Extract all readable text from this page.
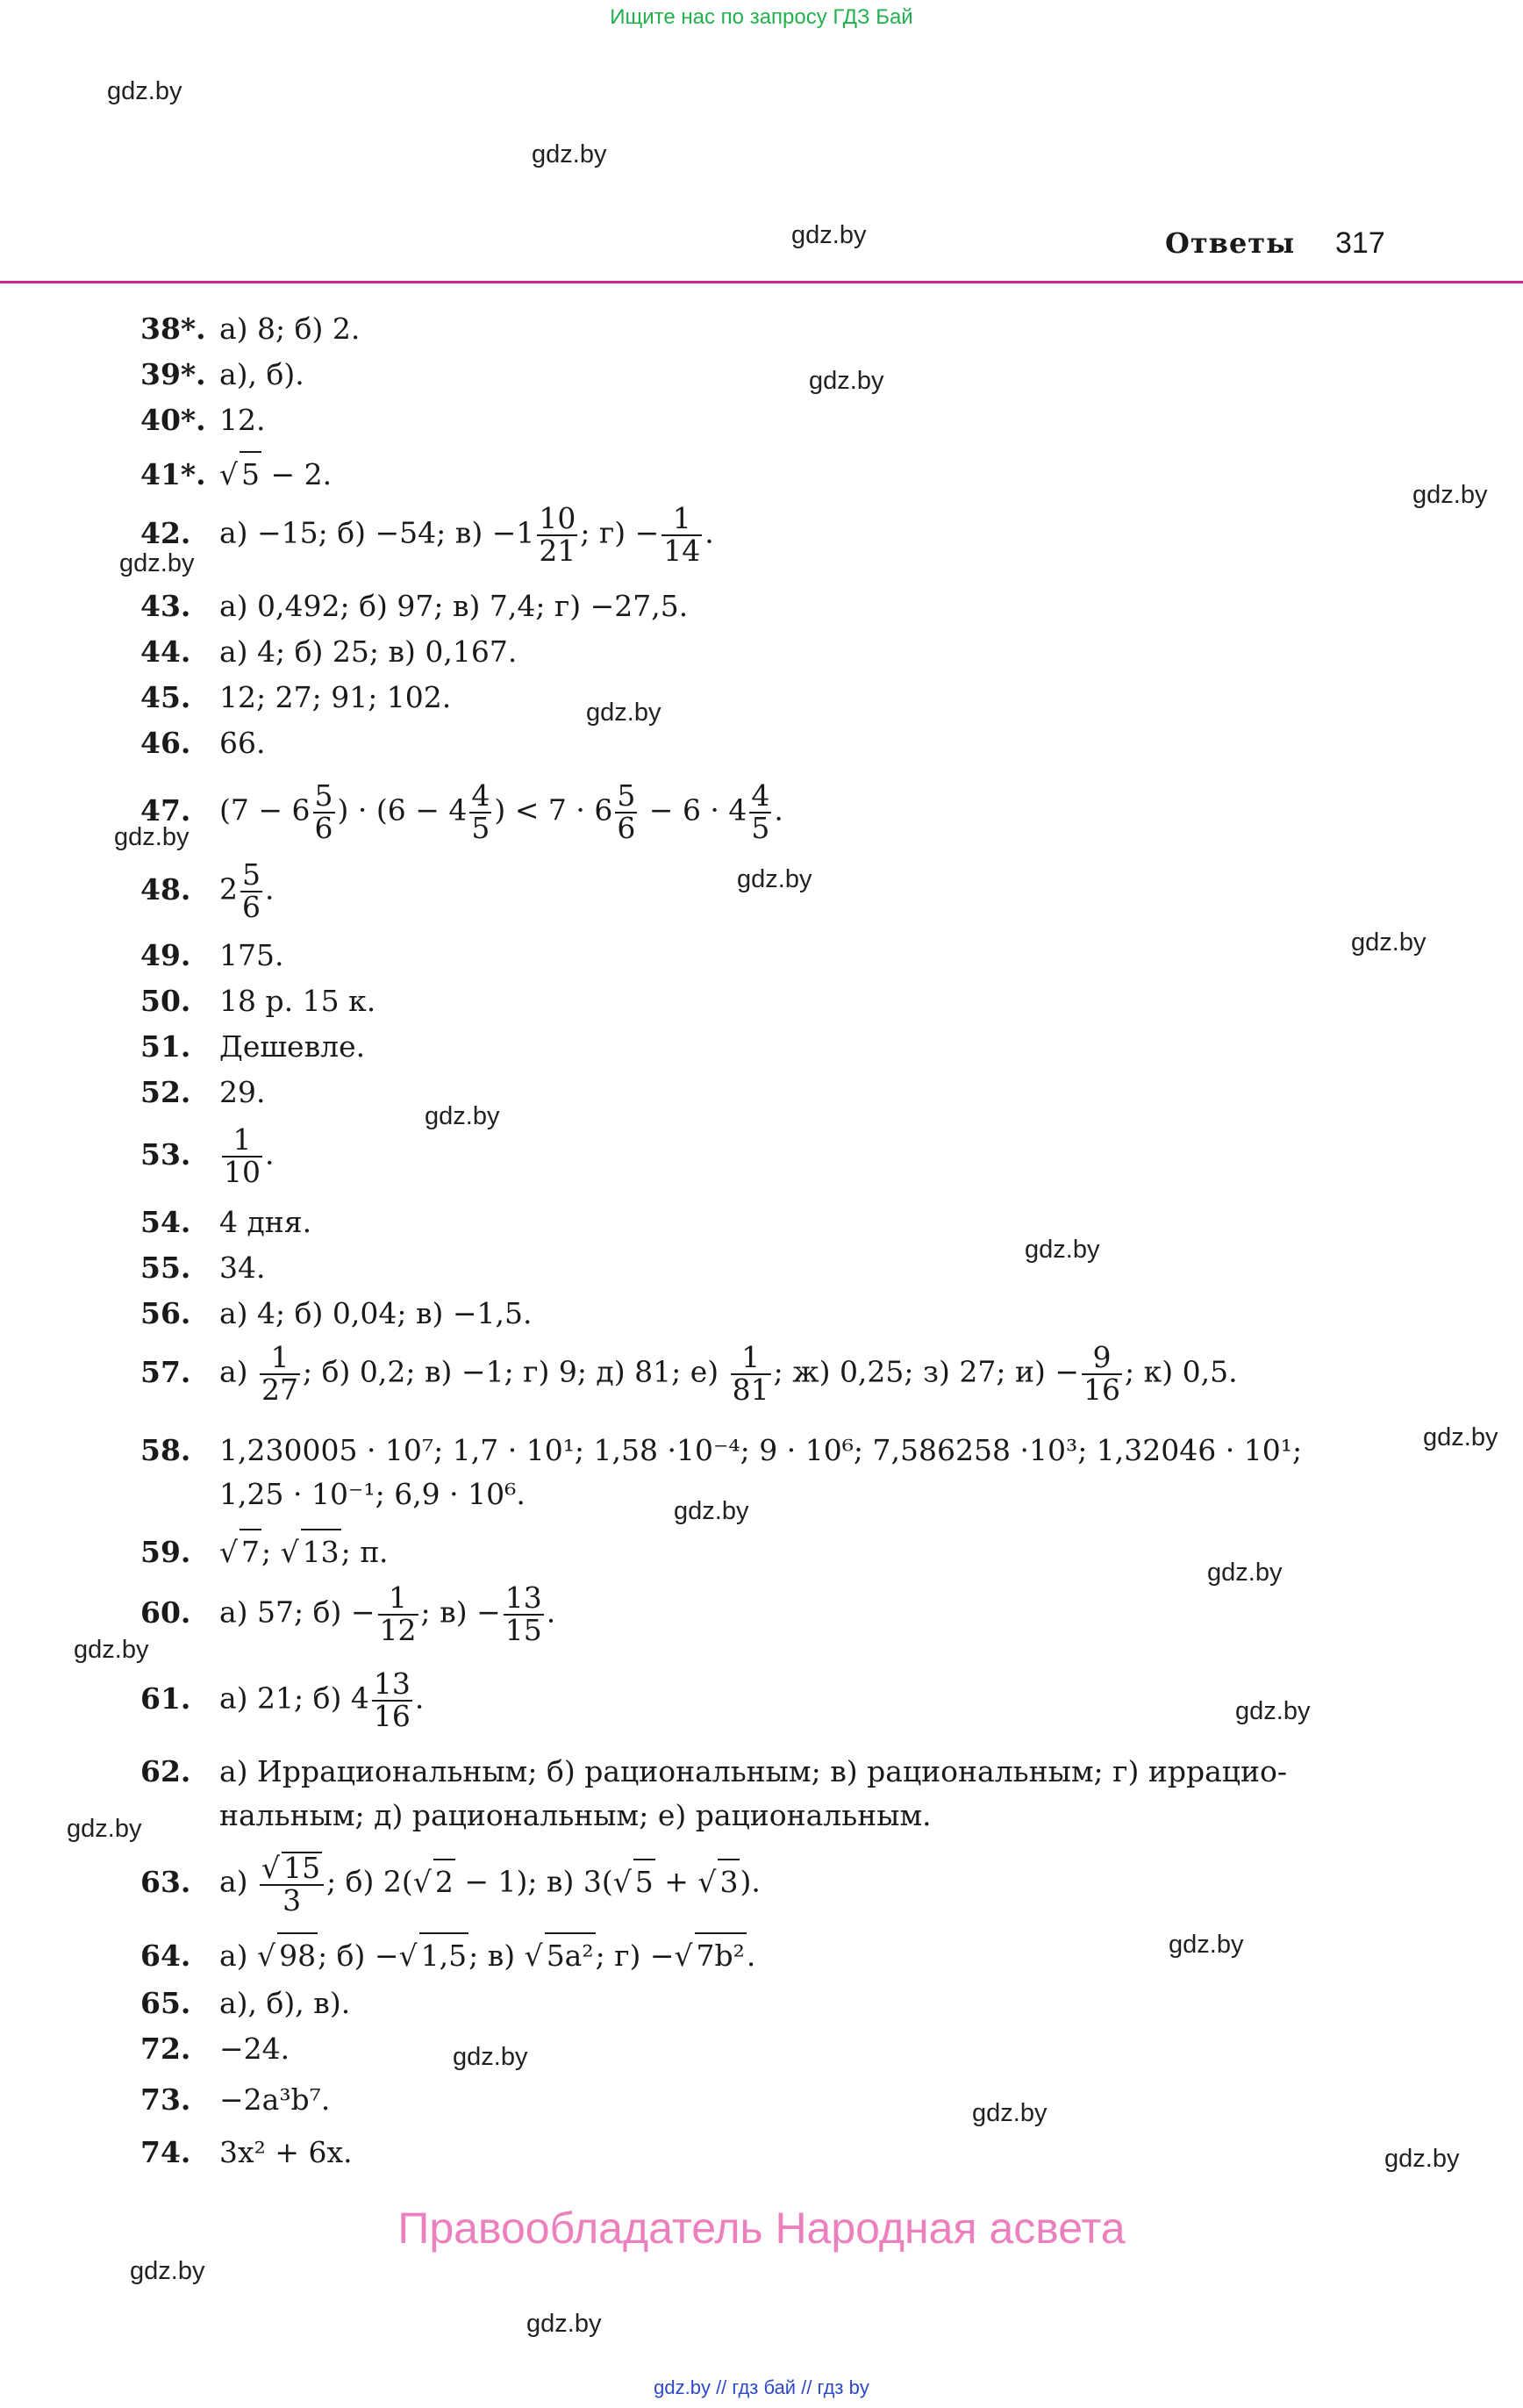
Ищите нас по запросу ГДЗ Бай
Ответы 317
gdz.by
gdz.by
gdz.by
gdz.by
gdz.by
gdz.by
gdz.by
gdz.by
gdz.by
gdz.by
gdz.by
gdz.by
gdz.by
gdz.by
gdz.by
gdz.by
gdz.by
gdz.by
gdz.by
gdz.by
gdz.by
gdz.by
gdz.by
gdz.by
38*. а) 8; б) 2.
39*. а), б).
40*. 12.
41*. √ 5 − 2.
42. а) −15; б) −54; $в) -1 \frac{10}{21}$ ; $г) - \frac{1}{14}$ .
43. а) 0,492; б) 97; в) 7,4; г) −27,5.
44. а) 4; б) 25; в) 0,167.
45. 12; 27; 91; 102.
46. 66.
47. ($7 - 6 \frac{5}{6}$ ) · ($6 - 4 \frac{4}{5}$ ) < $7 \cdot 6 \frac{5}{6} - 6 \cdot 4 \frac{4}{5}$ .
48. $2 \frac{5}{6}$ .
49. 175.
50. 18 р. 15 к.
51. Дешевле.
52. 29.
53. $\frac{1}{10}$ .
54. 4 дня.
55. 34.
56. а) 4; б) 0,04; в) −1,5.
57. $а) \frac{1}{27}$ ; б) 0,2; в) −1; г) 9; д) 81; $е) \frac{1}{81}$ ; ж) 0,25; з) 27; $и) - \frac{9}{16}$ ; к) 0,5.
58. 1,230005 · 10⁷; 1,7 · 10¹; 1,58 ·10⁻⁴; 9 · 10⁶; 7,586258 ·10³; 1,32046 · 10¹;
1,25 · 10⁻¹; 6,9 · 10⁶.
59. √ 7; √ 13; π.
60. а) 57; $б) - \frac{1}{12}$ ; $в) - \frac{13}{15}$ .
61. а) 21; б) $4 \frac{13}{16}$ .
62. а) Иррациональным; б) рациональным; в) рациональным; г) иррацио-
нальным; д) рациональным; е) рациональным.
63. а) √ $\frac{15}{3}$ ; б) 2( √ 2 − 1); в) 3( √ 5 + √ 3).
64. а) √ 98; б) − √ 1,5; в) √ 5a²; г) − √ 7b².
65. а), б), в).
72. −24.
73. −2a³b⁷.
74. 3x² + 6x.
Правообладатель Народная асвета
gdz.by // гдз бай // гдз by
